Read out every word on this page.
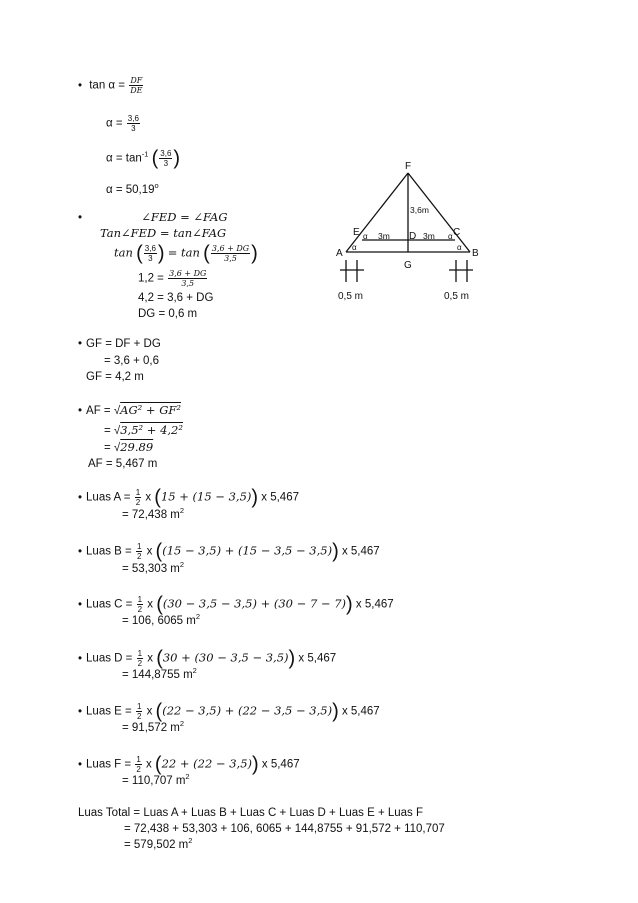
• $\tan \alpha = \frac{DF}{DE}$
$\alpha = \frac{3,6}{3}$
$\alpha = \tan^{-1}$ ( $\frac{3,6}{3}$ )
$\alpha = 50,19^o$
•	∠FED = ∠FAG
Tan∠FED = tan∠FAG
tan ( $\frac{3,6}{3}$ ) = tan ( $\frac{3,6 + DG}{3,5}$ )
$1,2 = \frac{3,6 + DG}{3,5}$
4,2 = 3,6 + DG
DG = 0,6 m
• GF = DF + DG
= 3,6 + 0,6
GF = 4,2 m
• AF = √AG² + GF²
= √3,5² + 4,2²
= √29.89
AF = 5,467 m
• Luas $A = \frac{1}{2}$ x (15 + (15 − 3,5)) x 5,467
= 72,438 $m^2$
• Luas $B = \frac{1}{2}$ x ((15 − 3,5) + (15 − 3,5 − 3,5)) x 5,467
= 53,303 $m^2$
• Luas $C = \frac{1}{2}$ x ((30 − 3,5 − 3,5) + (30 − 7 − 7)) x 5,467
= 106, 6065 $m^2$
• Luas $D = \frac{1}{2}$ x (30 + (30 − 3,5 − 3,5)) x 5,467
= 144,8755 $m^2$
• Luas $E = \frac{1}{2}$ x ((22 − 3,5) + (22 − 3,5 − 3,5)) x 5,467
= 91,572 $m^2$
• Luas $F = \frac{1}{2}$ x (22 + (22 − 3,5)) x 5,467
= 110,707 $m^2$
Luas Total = Luas A + Luas B + Luas C + Luas D + Luas E + Luas F
= 72,438 + 53,303 + 106, 6065 + 144,8755 + 91,572 + 110,707
= 579,502 $m^2$
F
3,6m
E	C
α	α
3m D 3m
A
α	α
B
G
0,5 m	0,5 m
